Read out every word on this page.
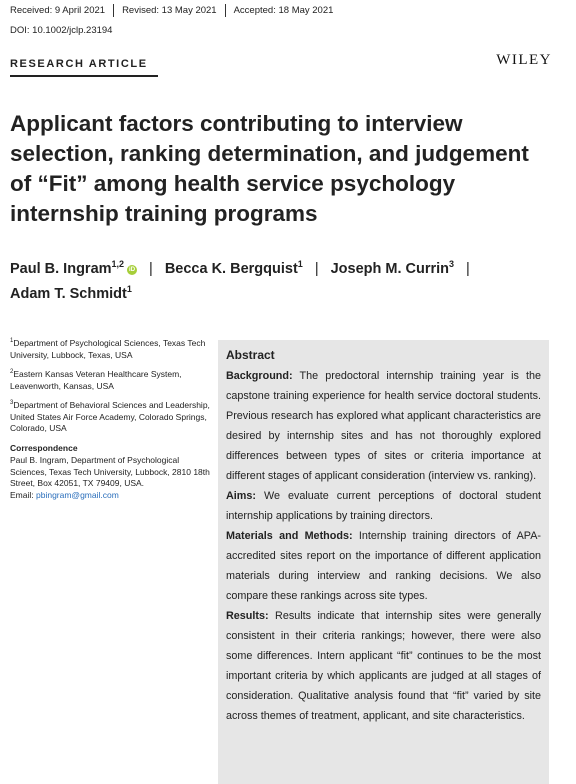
Received: 9 April 2021 Revised: 13 May 2021 Accepted: 18 May 2021
DOI: 10.1002/jclp.23194
RESEARCH ARTICLE	WILEY
Applicant factors contributing to interview selection, ranking determination, and judgement of “Fit” among health service psychology internship training programs
Paul B. Ingram$^{1,2}$iD | Becca K. Bergquist$^1$ | Joseph M. Currin$^3$ |
Adam T. Schmidt$^1$
$^1$Department of Psychological Sciences, Texas Tech University, Lubbock, Texas, USA
$^2$Eastern Kansas Veteran Healthcare System, Leavenworth, Kansas, USA
$^3$Department of Behavioral Sciences and Leadership, United States Air Force Academy, Colorado Springs, Colorado, USA
Correspondence
Paul B. Ingram, Department of Psychological Sciences, Texas Tech University, Lubbock, 2810 18th Street, Box 42051, TX 79409, USA.
Email: pbingram@gmail.com
Abstract

Background: The predoctoral internship training year is the capstone training experience for health service doctoral students. Previous research has explored what applicant characteristics are desired by internship sites and has not thoroughly explored differences between types of sites or criteria importance at different stages of applicant consideration (interview vs. ranking).

Aims: We evaluate current perceptions of doctoral student internship applications by training directors.

Materials and Methods: Internship training directors of APA-accredited sites report on the importance of different application materials during interview and ranking decisions. We also compare these rankings across site types.

Results: Results indicate that internship sites were generally consistent in their criteria rankings; however, there were also some differences. Intern applicant “fit” continues to be the most important criteria by which applicants are judged at all stages of consideration. Qualitative analysis found that “fit” varied by site across themes of treatment, applicant, and site characteristics.
